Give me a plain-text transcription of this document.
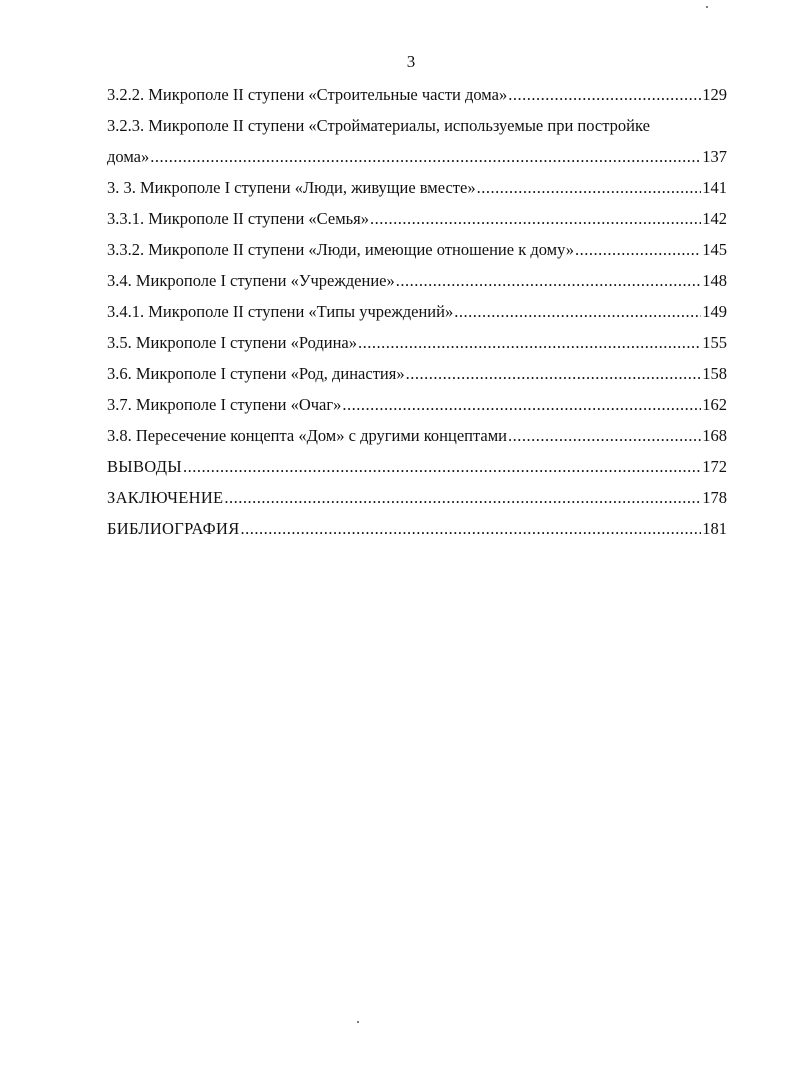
3
3.2.2. Микрополе II ступени «Строительные части дома» .....	129
3.2.3. Микрополе II ступени «Стройматериалы, используемые при постройке
дома» .....	137
3. 3. Микрополе I ступени «Люди, живущие вместе» .....	141
3.3.1. Микрополе II ступени «Семья» .....	142
3.3.2. Микрополе II ступени «Люди, имеющие отношение к дому» .....	145
3.4. Микрополе I ступени «Учреждение» .....	148
3.4.1. Микрополе II ступени «Типы учреждений» .....	149
3.5. Микрополе I ступени «Родина» .....	155
3.6. Микрополе I ступени «Род, династия» .....	158
3.7. Микрополе I ступени «Очаг» .....	162
3.8. Пересечение концепта «Дом» с другими концептами .....	168
ВЫВОДЫ .....	172
ЗАКЛЮЧЕНИЕ .....	178
БИБЛИОГРАФИЯ .....	181
